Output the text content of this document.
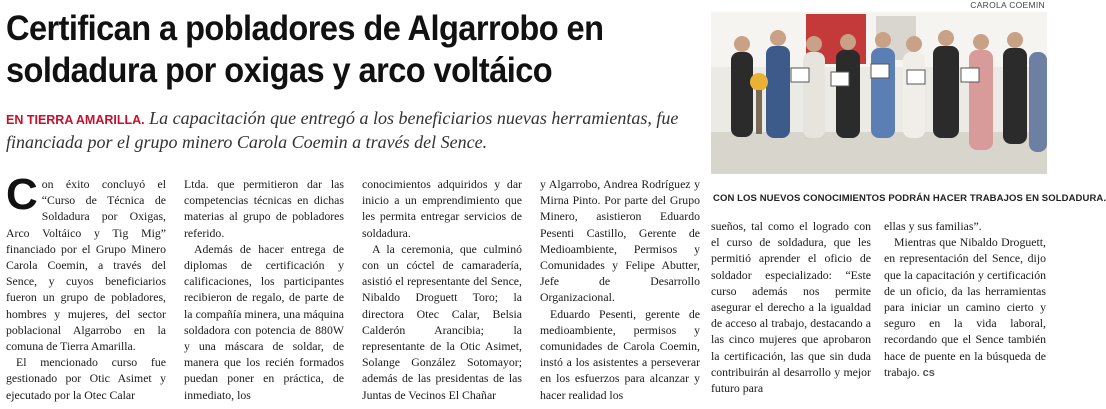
Certifican a pobladores de Algarrobo en soldadura por oxigas y arco voltáico

EN TIERRA AMARILLA. La capacitación que entregó a los beneficiarios nuevas herramientas, fue financiada por el grupo minero Carola Coemin a través del Sence.

CAROLA COEMIN
CON LOS NUEVOS CONOCIMIENTOS PODRÁN HACER TRABAJOS EN SOLDADURA.

Con éxito concluyó el “Curso de Técnica de Soldadura por Oxigas, Arco Voltáico y Tig Mig” financiado por el Grupo Minero Carola Coemin, a través del Sence, y cuyos beneficiarios fueron un grupo de pobladores, hombres y mujeres, del sector poblacional Algarrobo en la comuna de Tierra Amarilla.

El mencionado curso fue gestionado por Otic Asimet y ejecutado por la Otec Calar

Ltda. que permitieron dar las competencias técnicas en dichas materias al grupo de pobladores referido.

Además de hacer entrega de diplomas de certificación y calificaciones, los participantes recibieron de regalo, de parte de la compañía minera, una máquina soldadora con potencia de 880W y una máscara de soldar, de manera que los recién formados puedan poner en práctica, de inmediato, los

conocimientos adquiridos y dar inicio a un emprendimiento que les permita entregar servicios de soldadura.

A la ceremonia, que culminó con un cóctel de camaradería, asistió el representante del Sence, Nibaldo Droguett Toro; la directora Otec Calar, Belsia Calderón Arancibia; la representante de la Otic Asimet, Solange González Sotomayor; además de las presidentas de las Juntas de Vecinos El Chañar

y Algarrobo, Andrea Rodríguez y Mirna Pinto. Por parte del Grupo Minero, asistieron Eduardo Pesenti Castillo, Gerente de Medioambiente, Permisos y Comunidades y Felipe Abutter, Jefe de Desarrollo Organizacional.

Eduardo Pesenti, gerente de medioambiente, permisos y comunidades de Carola Coemin, instó a los asistentes a perseverar en los esfuerzos para alcanzar y hacer realidad los

sueños, tal como el logrado con el curso de soldadura, que les permitió aprender el oficio de soldador especializado: “Este curso además nos permite asegurar el derecho a la igualdad de acceso al trabajo, destacando a las cinco mujeres que aprobaron la certificación, las que sin duda contribuirán al desarrollo y mejor futuro para

ellas y sus familias”.

Mientras que Nibaldo Droguett, en representación del Sence, dijo que la capacitación y certificación de un oficio, da las herramientas para iniciar un camino cierto y seguro en la vida laboral, recordando que el Sence también hace de puente en la búsqueda de trabajo. cs
